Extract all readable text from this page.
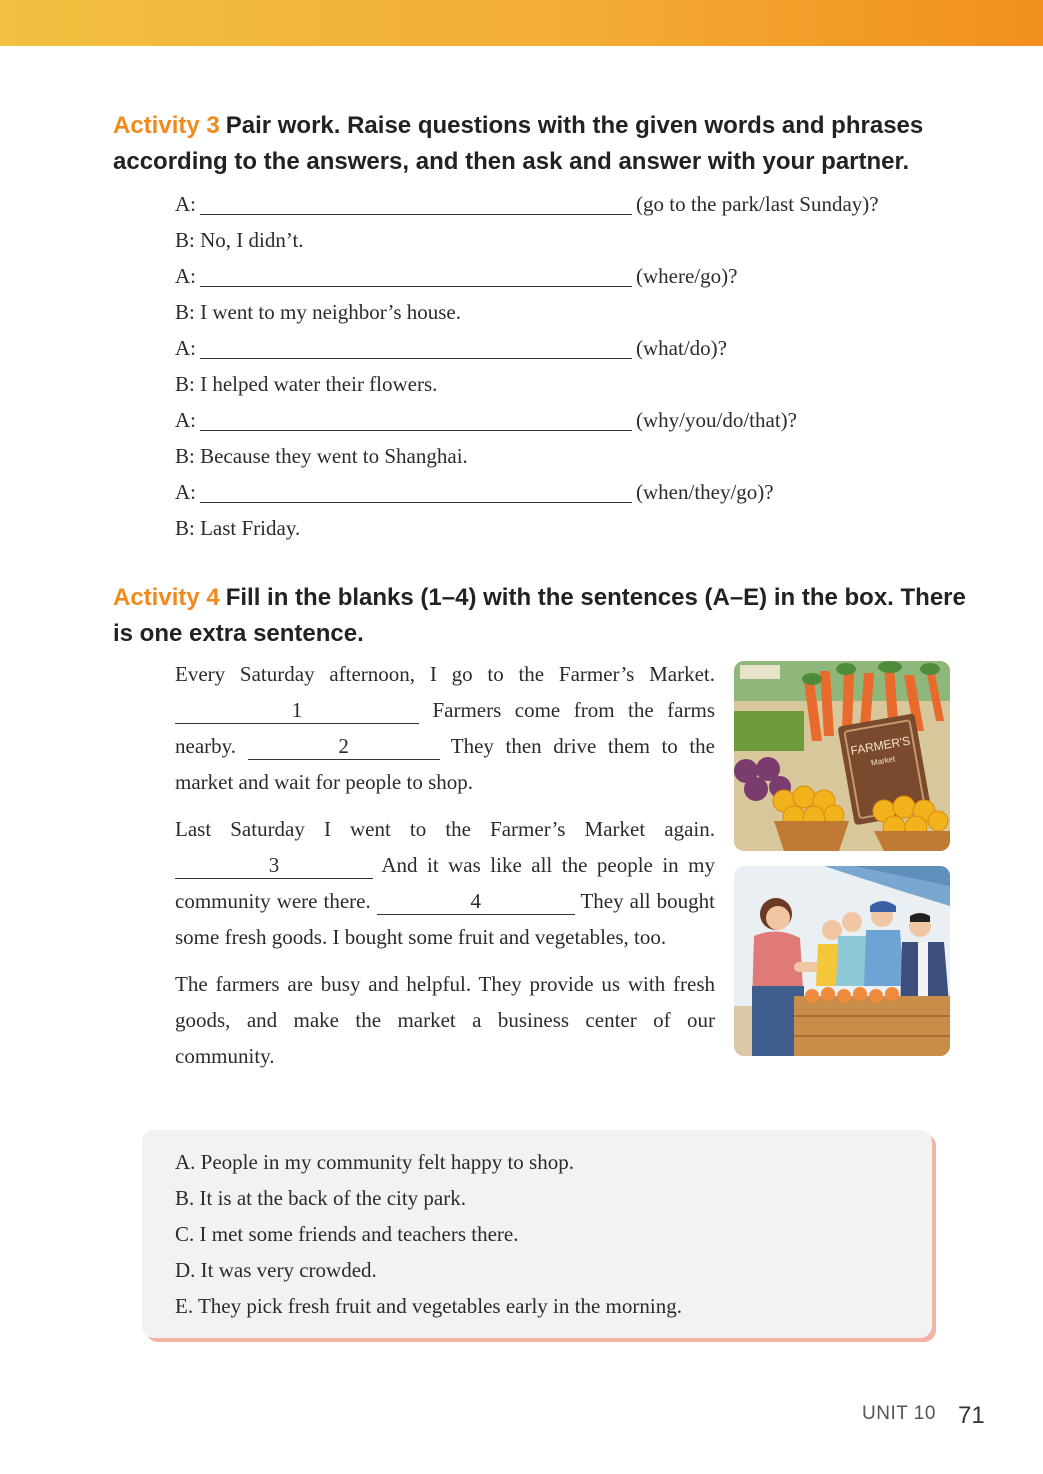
Activity 3 Pair work. Raise questions with the given words and phrases
according to the answers, and then ask and answer with your partner.
A:	(go to the park/last Sunday)?
B: No, I didn’t.
A:	(where/go)?
B: I went to my neighbor’s house.
A:	(what/do)?
B: I helped water their flowers.
A:	(why/you/do/that)?
B: Because they went to Shanghai.
A:	(when/they/go)?
B: Last Friday.
Activity 4 Fill in the blanks (1–4) with the sentences (A–E) in the box. There
is one extra sentence.

Every Saturday afternoon, I go to the Farmer’s Market. 1	Farmers come from the farms nearby.	2	They then drive them to the market and wait for people to shop.

Last Saturday I went to the Farmer’s Market again. 3	And it was like all the people in my community were there.	4	They all bought some fresh goods. I bought some fruit and vegetables, too.

The farmers are busy and helpful. They provide us with fresh goods, and make the market a business center of our community.

FARMER'S
Market
A. People in my community felt happy to shop.
B. It is at the back of the city park.
C. I met some friends and teachers there.
D. It was very crowded.
E. They pick fresh fruit and vegetables early in the morning.
UNIT 10 71
